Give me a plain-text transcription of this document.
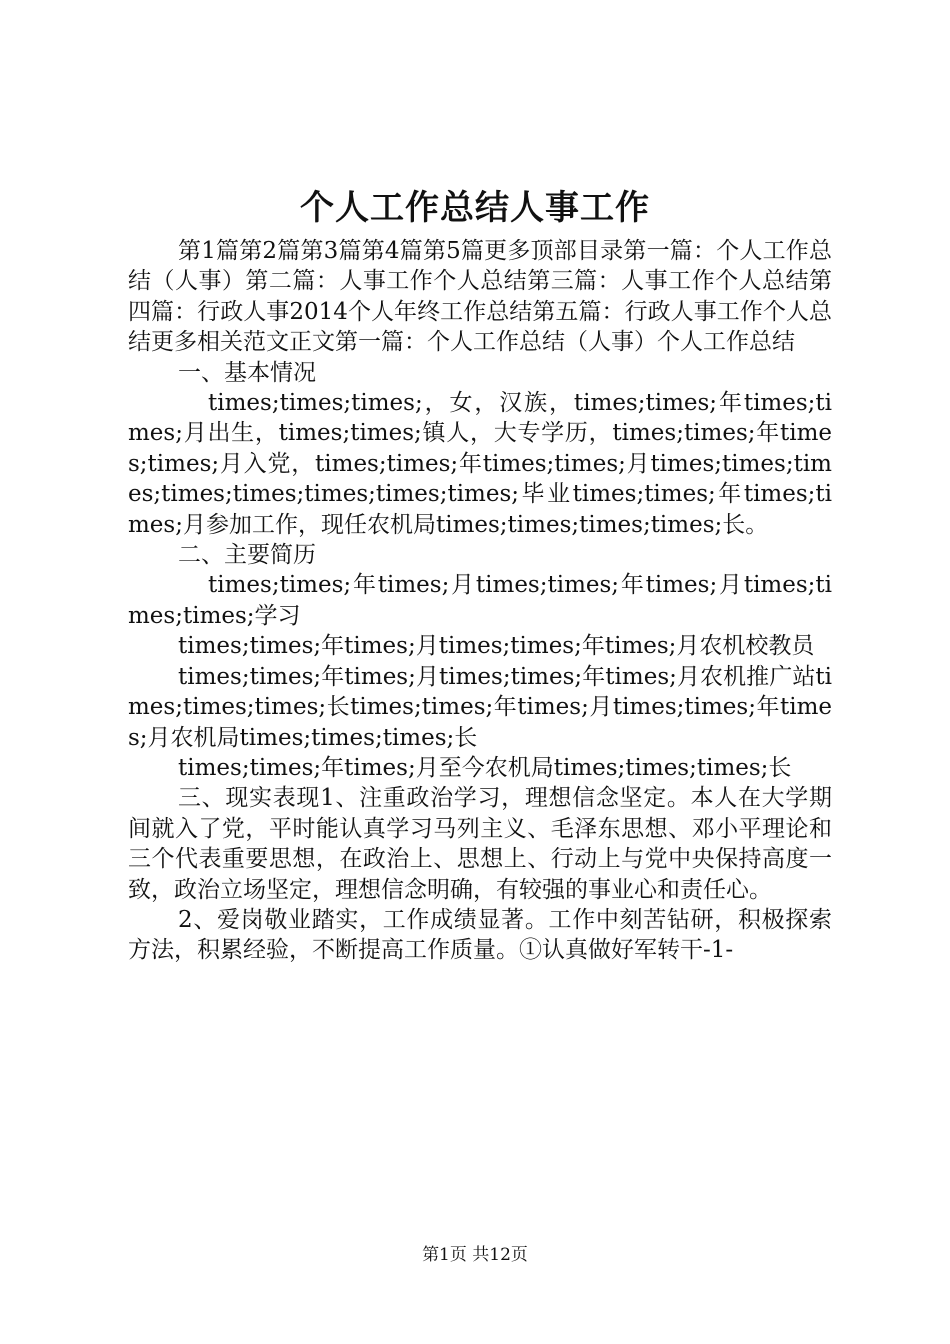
个人工作总结人事工作

第1篇第2篇第3篇第4篇第5篇更多顶部目录第一篇：个人工作总结（人事）第二篇：人事工作个人总结第三篇：人事工作个人总结第四篇：行政人事2014个人年终工作总结第五篇：行政人事工作个人总结更多相关范文正文第一篇：个人工作总结（人事）个人工作总结

一、基本情况

times;times;times;，女，汉族，times;times;年times;times;月出生，times;times;镇人，大专学历，times;times;年times;times;月入党，times;times;年times;times;月times;times;times;times;times;times;times;times;毕业times;times;年times;times;月参加工作，现任农机局times;times;times;times;长。

二、主要简历

times;times;年times;月times;times;年times;月times;times;times;学习

times;times;年times;月times;times;年times;月农机校教员

times;times;年times;月times;times;年times;月农机推广站times;times;times;长times;times;年times;月times;times;年times;月农机局times;times;times;长

times;times;年times;月至今农机局times;times;times;长

三、现实表现1、注重政治学习，理想信念坚定。本人在大学期间就入了党，平时能认真学习马列主义、毛泽东思想、邓小平理论和三个代表重要思想，在政治上、思想上、行动上与党中央保持高度一致，政治立场坚定，理想信念明确，有较强的事业心和责任心。

2、爱岗敬业踏实，工作成绩显著。工作中刻苦钻研，积极探索方法，积累经验，不断提高工作质量。①认真做好军转干-1-

第1页 共12页
